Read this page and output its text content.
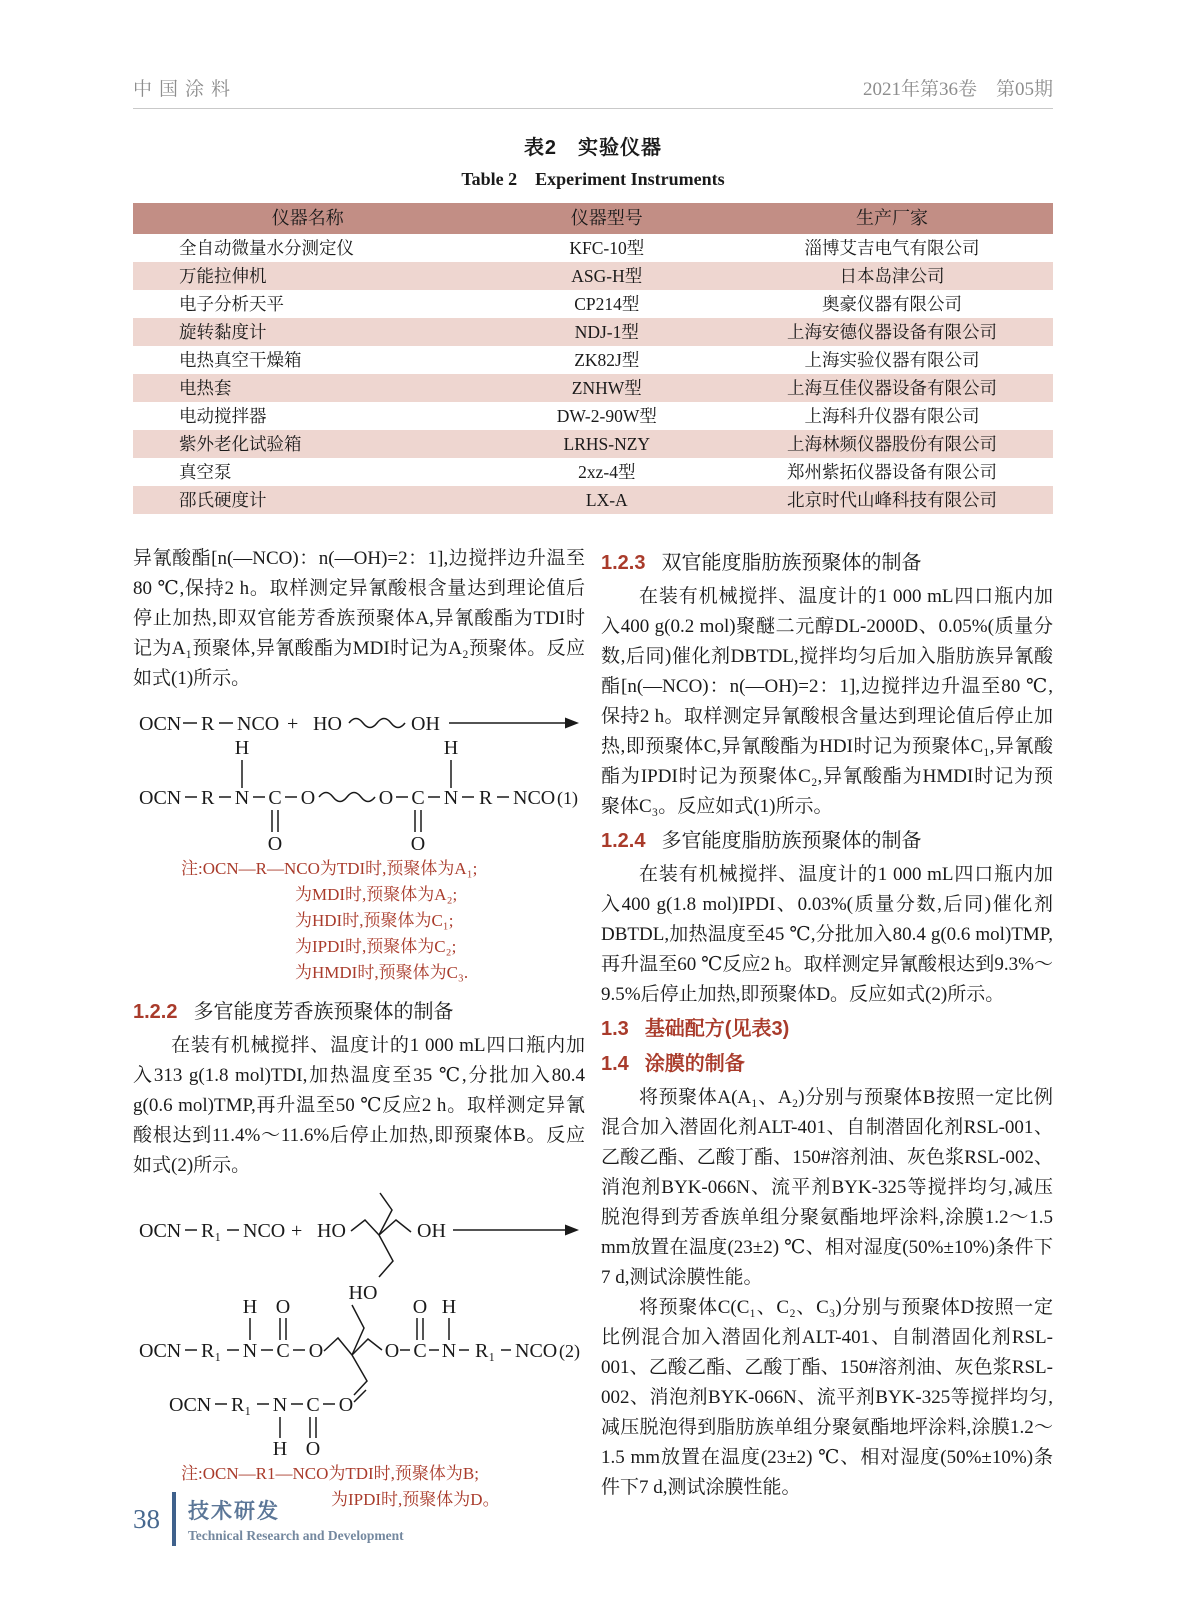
中国涂料	2021年第36卷　第05期
表2　实验仪器
Table 2　Experiment Instruments
仪器名称	仪器型号	生产厂家
全自动微量水分测定仪	KFC-10型	淄博艾吉电气有限公司
万能拉伸机	ASG-H型	日本岛津公司
电子分析天平	CP214型	奥豪仪器有限公司
旋转黏度计	NDJ-1型	上海安德仪器设备有限公司
电热真空干燥箱	ZK82J型	上海实验仪器有限公司
电热套	ZNHW型	上海互佳仪器设备有限公司
电动搅拌器	DW-2-90W型	上海科升仪器有限公司
紫外老化试验箱	LRHS-NZY	上海林频仪器股份有限公司
真空泵	2xz-4型	郑州紫拓仪器设备有限公司
邵氏硬度计	LX-A	北京时代山峰科技有限公司

异氰酸酯[n(—NCO)：n(—OH)=2：1],边搅拌边升温至80 ℃,保持2 h。取样测定异氰酸根含量达到理论值后停止加热,即双官能芳香族预聚体A,异氰酸酯为TDI时记为A₁预聚体,异氰酸酯为MDI时记为A₂预聚体。反应如式(1)所示。

OCN R NCO + HO	OH
OCN R N C O	O C N R NCO (1)
H	H
O	O
注:OCN—R—NCO为TDI时,预聚体为A₁;
为MDI时,预聚体为A₂;
为HDI时,预聚体为C₁;
为IPDI时,预聚体为C₂;
为HMDI时,预聚体为C₃.
1.2.2 多官能度芳香族预聚体的制备

在装有机械搅拌、温度计的1 000 mL四口瓶内加入313 g(1.8 mol)TDI,加热温度至35 ℃,分批加入80.4 g(0.6 mol)TMP,再升温至50 ℃反应2 h。取样测定异氰酸根达到11.4%～11.6%后停止加热,即预聚体B。反应如式(2)所示。

OCN R₁ NCO + HO	OH
HO
OCN R₁ N C O	O C N R₁ NCO (2)
H O	O H
OCN R₁ N C O
H O
注:OCN—R1—NCO为TDI时,预聚体为B;
为IPDI时,预聚体为D。
1.2.3 双官能度脂肪族预聚体的制备

在装有机械搅拌、温度计的1 000 mL四口瓶内加入400 g(0.2 mol)聚醚二元醇DL-2000D、0.05%(质量分数,后同)催化剂DBTDL,搅拌均匀后加入脂肪族异氰酸酯[n(—NCO)：n(—OH)=2：1],边搅拌边升温至80 ℃,保持2 h。取样测定异氰酸根含量达到理论值后停止加热,即预聚体C,异氰酸酯为HDI时记为预聚体C₁,异氰酸酯为IPDI时记为预聚体C₂,异氰酸酯为HMDI时记为预聚体C₃。反应如式(1)所示。

1.2.4 多官能度脂肪族预聚体的制备

在装有机械搅拌、温度计的1 000 mL四口瓶内加入400 g(1.8 mol)IPDI、0.03%(质量分数,后同)催化剂DBTDL,加热温度至45 ℃,分批加入80.4 g(0.6 mol)TMP,再升温至60 ℃反应2 h。取样测定异氰酸根达到9.3%～9.5%后停止加热,即预聚体D。反应如式(2)所示。

1.3 基础配方(见表3)
1.4 涂膜的制备

将预聚体A(A₁、A₂)分别与预聚体B按照一定比例混合加入潜固化剂ALT-401、自制潜固化剂RSL-001、乙酸乙酯、乙酸丁酯、150#溶剂油、灰色浆RSL-002、消泡剂BYK-066N、流平剂BYK-325等搅拌均匀,减压脱泡得到芳香族单组分聚氨酯地坪涂料,涂膜1.2～1.5 mm放置在温度(23±2) ℃、相对湿度(50%±10%)条件下7 d,测试涂膜性能。

将预聚体C(C₁、C₂、C₃)分别与预聚体D按照一定比例混合加入潜固化剂ALT-401、自制潜固化剂RSL-001、乙酸乙酯、乙酸丁酯、150#溶剂油、灰色浆RSL-002、消泡剂BYK-066N、流平剂BYK-325等搅拌均匀,减压脱泡得到脂肪族单组分聚氨酯地坪涂料,涂膜1.2～1.5 mm放置在温度(23±2) ℃、相对湿度(50%±10%)条件下7 d,测试涂膜性能。

38 技术研发
Technical Research and Development
